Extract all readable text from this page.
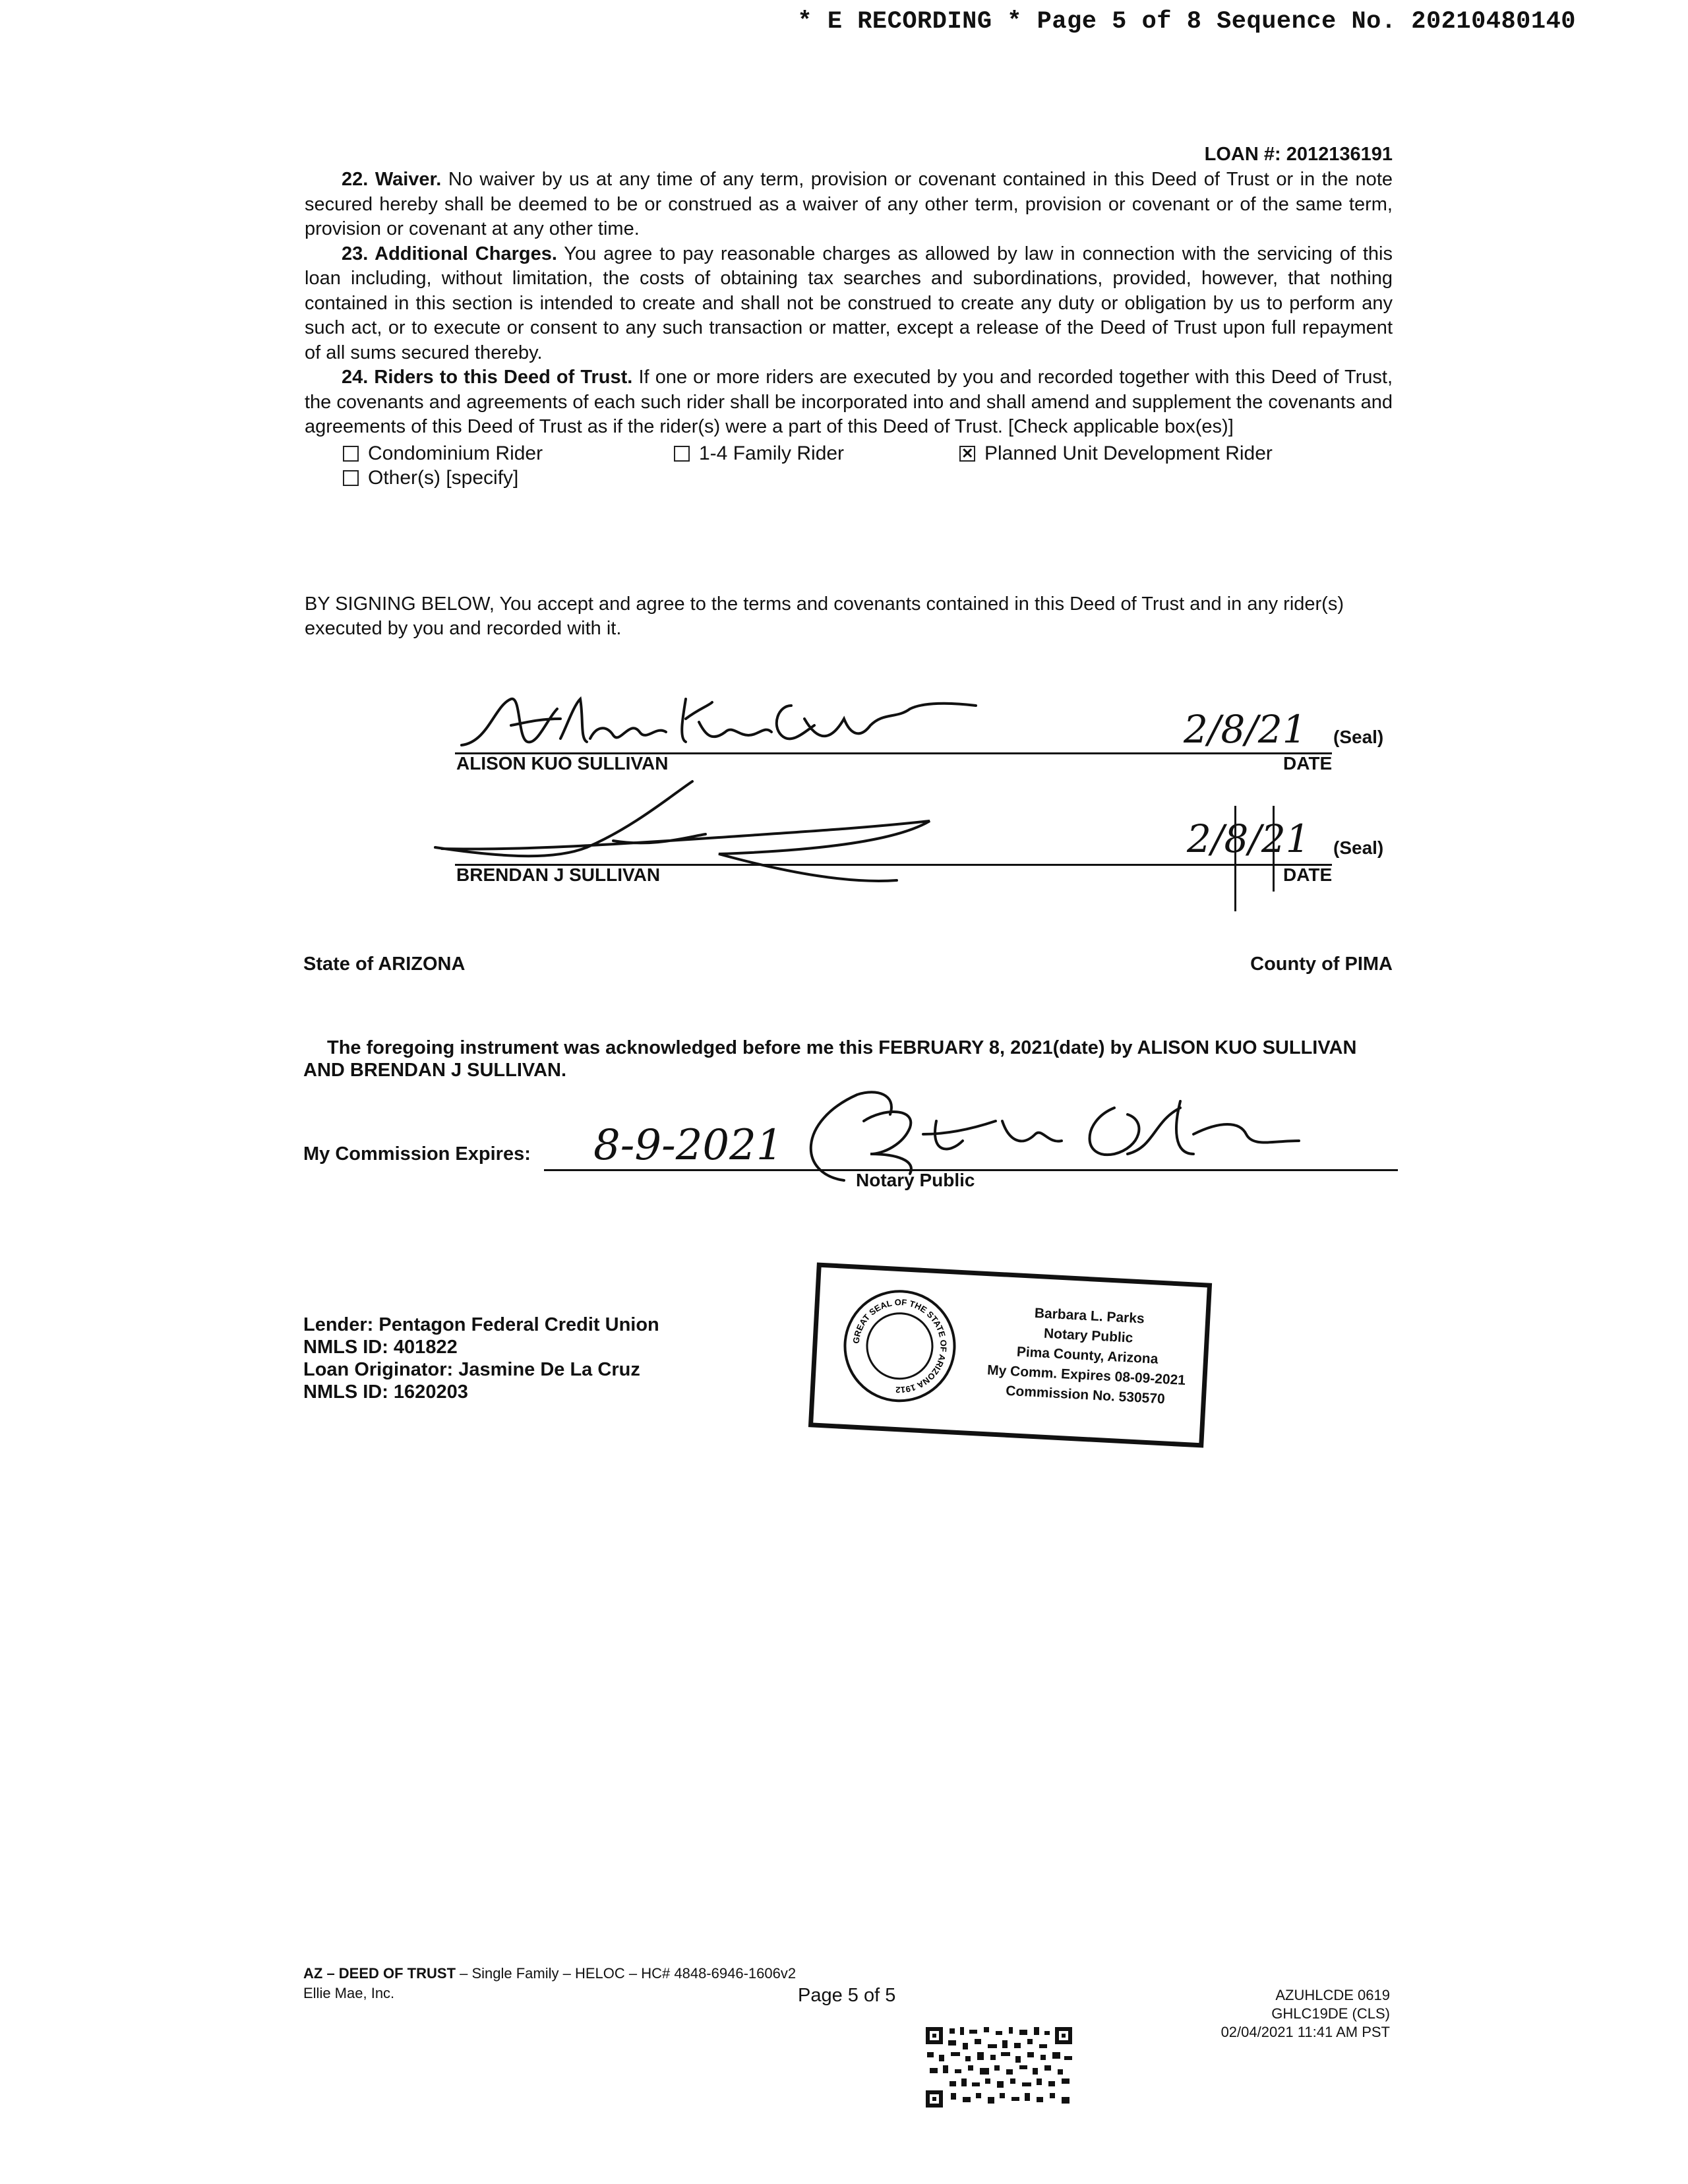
* E RECORDING * Page 5 of 8 Sequence No. 20210480140
LOAN #: 2012136191

22. Waiver. No waiver by us at any time of any term, provision or covenant contained in this Deed of Trust or in the note secured hereby shall be deemed to be or construed as a waiver of any other term, provision or covenant or of the same term, provision or covenant at any other time.

23. Additional Charges. You agree to pay reasonable charges as allowed by law in connection with the servicing of this loan including, without limitation, the costs of obtaining tax searches and subordinations, provided, however, that nothing contained in this section is intended to create and shall not be construed to create any duty or obligation by us to perform any such act, or to execute or consent to any such transaction or matter, except a release of the Deed of Trust upon full repayment of all sums secured thereby.

24. Riders to this Deed of Trust. If one or more riders are executed by you and recorded together with this Deed of Trust, the covenants and agreements of each such rider shall be incorporated into and shall amend and supplement the covenants and agreements of this Deed of Trust as if the rider(s) were a part of this Deed of Trust. [Check applicable box(es)]

Condominium Rider	1-4 Family Rider
✕	Planned Unit Development Rider
Other(s) [specify]
BY SIGNING BELOW, You accept and agree to the terms and covenants contained in this Deed of Trust and in any rider(s) executed by you and recorded with it.
2/8/21
ALISON KUO SULLIVAN	DATE
(Seal)
2/8/21
BRENDAN J SULLIVAN	DATE
(Seal)
State of ARIZONA	County of PIMA
The foregoing instrument was acknowledged before me this FEBRUARY 8, 2021(date) by ALISON KUO SULLIVAN AND BRENDAN J SULLIVAN.
My Commission Expires: 8-9-2021
Notary Public
Lender: Pentagon Federal Credit Union
NMLS ID: 401822
Loan Originator: Jasmine De La Cruz
NMLS ID: 1620203
GREAT SEAL OF THE STATE OF ARIZONA 1912
Barbara L. Parks
Notary Public
Pima County, Arizona
My Comm. Expires 08-09-2021
Commission No. 530570
AZ – DEED OF TRUST – Single Family – HELOC – HC# 4848-6946-1606v2
Ellie Mae, Inc.	Page 5 of 5	AZUHLCDE 0619
GHLC19DE (CLS)
02/04/2021 11:41 AM PST
